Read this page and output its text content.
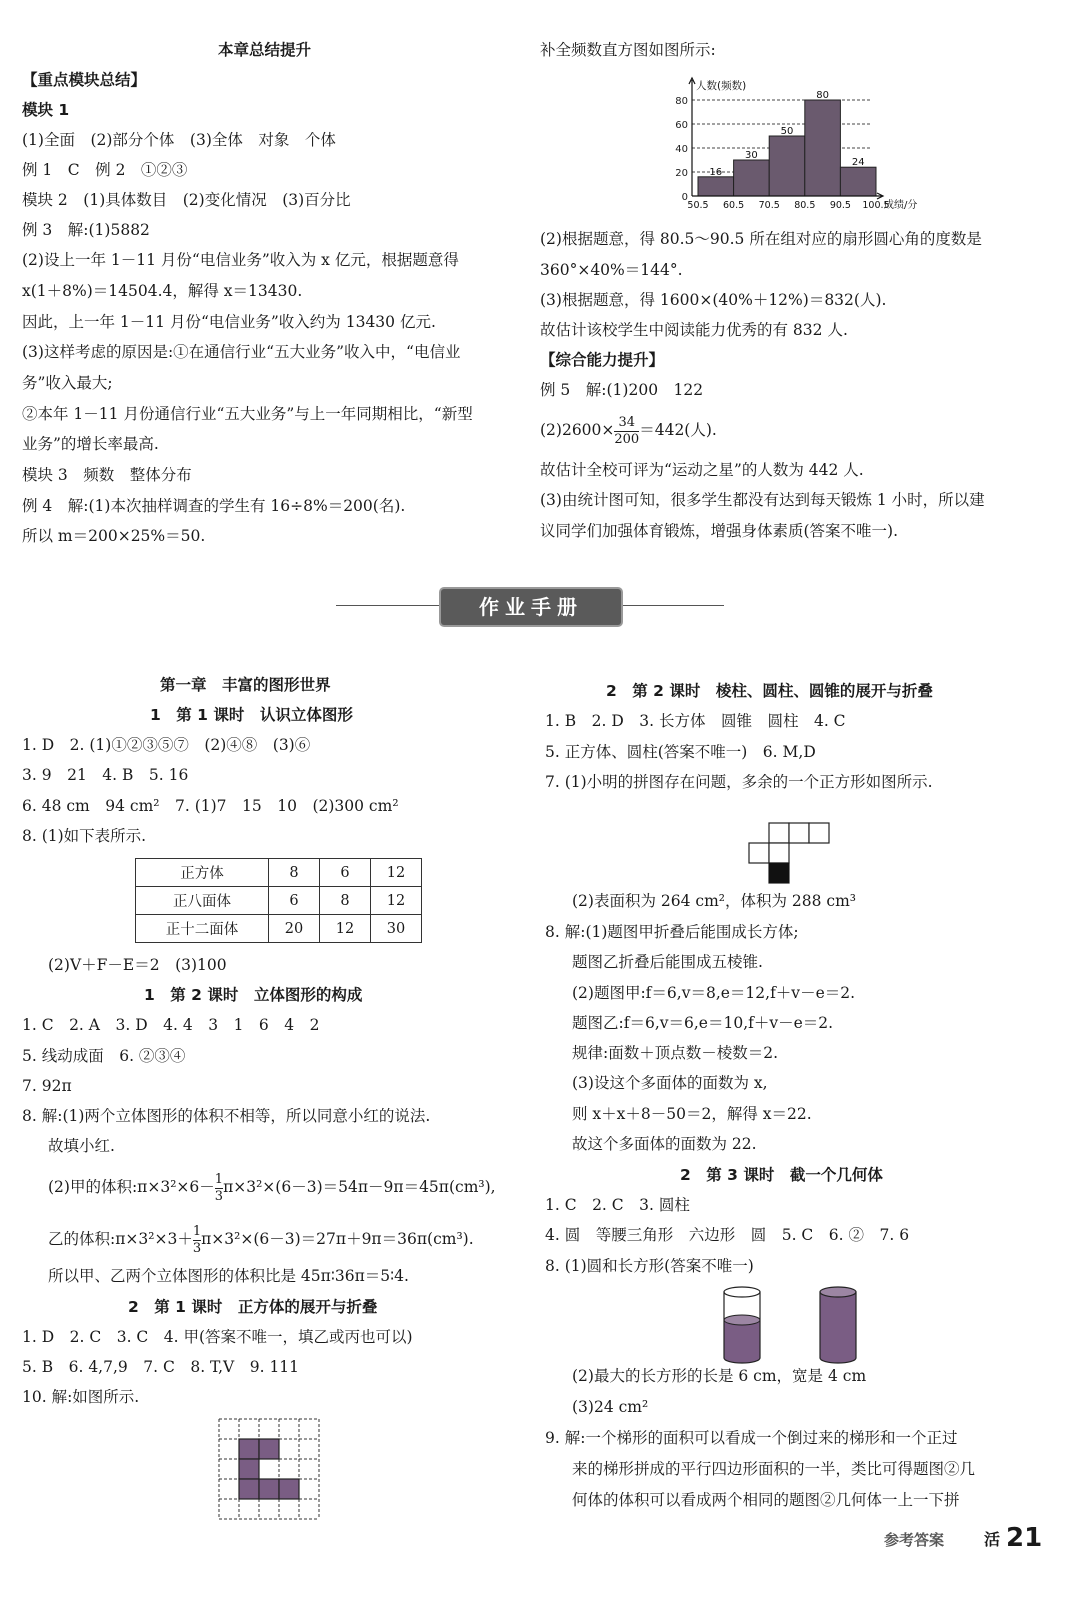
本章总结提升
【重点模块总结】
模块 1
(1)全面　(2)部分个体　(3)全体　对象　个体
例 1　C　例 2　①②③
模块 2　(1)具体数目　(2)变化情况　(3)百分比
例 3　解:(1)5882
(2)设上一年 1－11 月份“电信业务”收入为 x 亿元，根据题意得
x(1＋8%)＝14504.4，解得 x＝13430.
因此，上一年 1－11 月份“电信业务”收入约为 13430 亿元.
(3)这样考虑的原因是:①在通信行业“五大业务”收入中，“电信业
务”收入最大;
②本年 1－11 月份通信行业“五大业务”与上一年同期相比，“新型
业务”的增长率最高.
模块 3　频数　整体分布
例 4　解:(1)本次抽样调查的学生有 16÷8%＝200(名).
所以 m＝200×25%＝50.
补全频数直方图如图所示:
0
20
40
60
80
16
30
50
80
24
50.5 60.5 70.5 80.5 90.5 100.5
人数(频数)
成绩/分
(2)根据题意，得 80.5～90.5 所在组对应的扇形圆心角的度数是
360°×40%＝144°.
(3)根据题意，得 1600×(40%＋12%)＝832(人).
故估计该校学生中阅读能力优秀的有 832 人.
【综合能力提升】
例 5　解:(1)200　122
$(2)2600\times \frac{34}{200} =442$(人).
故估计全校可评为“运动之星”的人数为 442 人.
(3)由统计图可知，很多学生都没有达到每天锻炼 1 小时，所以建
议同学们加强体育锻炼，增强身体素质(答案不唯一).
作业手册
第一章　丰富的图形世界
1　第 1 课时　认识立体图形
1. D　2. (1)①②③⑤⑦　(2)④⑧　(3)⑥
3. 9　21　4. B　5. 16
6. 48 cm　94 cm²　7. (1)7　15　10　(2)300 cm²
8. (1)如下表所示.
正方体	8	6	12
正八面体	6	8	12
正十二面体	20	12	30
(2)V＋F－E＝2　(3)100
1　第 2 课时　立体图形的构成
1. C　2. A　3. D　4. 4　3　1　6　4　2
5. 线动成面　6. ②③④
7. 92π
8. 解:(1)两个立体图形的体积不相等，所以同意小红的说法.
故填小红.
(2)甲的体积:π×3²×6－ $\frac{1}{3} \pi\times 3^2\times(6-3)=54\pi-9\pi=45\pi(cm^3)$,
乙的体积:π×3²×3＋ $\frac{1}{3} \pi\times 3^2\times(6-3)=27\pi+9\pi=36\pi(cm^3)$.
所以甲、乙两个立体图形的体积比是 45π∶36π＝5∶4.
2　第 1 课时　正方体的展开与折叠
1. D　2. C　3. C　4. 甲(答案不唯一，填乙或丙也可以)
5. B　6. 4,7,9　7. C　8. T,V　9. 111
10. 解:如图所示.
2　第 2 课时　棱柱、圆柱、圆锥的展开与折叠
1. B　2. D　3. 长方体　圆锥　圆柱　4. C
5. 正方体、圆柱(答案不唯一)　6. M,D
7. (1)小明的拼图存在问题，多余的一个正方形如图所示.
(2)表面积为 264 cm²，体积为 288 cm³
8. 解:(1)题图甲折叠后能围成长方体;
题图乙折叠后能围成五棱锥.
(2)题图甲:f＝6,v＝8,e＝12,f＋v－e＝2.
题图乙:f＝6,v＝6,e＝10,f＋v－e＝2.
规律:面数＋顶点数－棱数＝2.
(3)设这个多面体的面数为 x,
则 x＋x＋8－50＝2，解得 x＝22.
故这个多面体的面数为 22.
2　第 3 课时　截一个几何体
1. C　2. C　3. 圆柱
4. 圆　等腰三角形　六边形　圆　5. C　6. ②　7. 6
8. (1)圆和长方形(答案不唯一)
(2)最大的长方形的长是 6 cm，宽是 4 cm
(3)24 cm²
9. 解:一个梯形的面积可以看成一个倒过来的梯形和一个正过
来的梯形拼成的平行四边形面积的一半，类比可得题图②几
何体的体积可以看成两个相同的题图②几何体一上一下拼
参考答案 活 21
